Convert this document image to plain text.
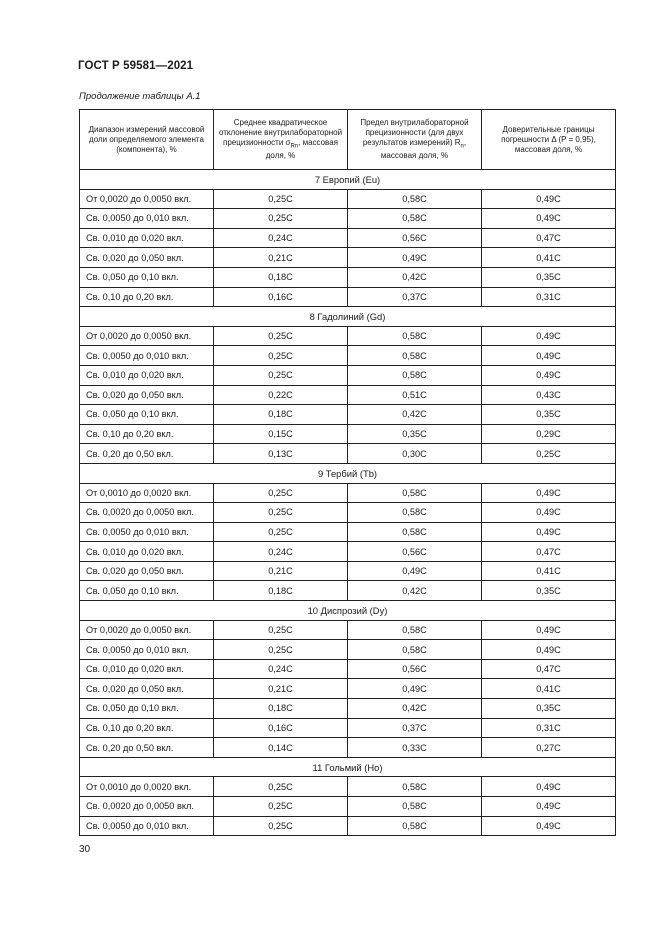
ГОСТ Р 59581—2021
Продолжение таблицы А.1
Диапазон измерений массовой доли определяемого элемента (компонента), %	Среднее квадратическое отклонение внутрилабораторной прецизионности $\sigma_{Rn}$, массовая доля, %	Предел внутрилабораторной прецизионности (для двух результатов измерений) $R_n$, массовая доля, %	Доверительные границы погрешности Δ (P = 0,95), массовая доля, %
7 Европий (Eu)			
От 0,0020 до 0,0050 вкл.	0,25С	0,58С	0,49С
Св. 0,0050 до 0,010 вкл.	0,25С	0,58С	0,49С
Св. 0,010 до 0,020 вкл.	0,24С	0,56С	0,47С
Св. 0,020 до 0,050 вкл.	0,21С	0,49С	0,41С
Св. 0,050 до 0,10 вкл.	0,18С	0,42С	0,35С
Св. 0,10 до 0,20 вкл.	0,16С	0,37С	0,31С
8 Гадолиний (Gd)			
От 0,0020 до 0,0050 вкл.	0,25С	0,58С	0,49С
Св. 0,0050 до 0,010 вкл.	0,25С	0,58С	0,49С
Св. 0,010 до 0,020 вкл.	0,25С	0,58С	0,49С
Св. 0,020 до 0,050 вкл.	0,22С	0,51С	0,43С
Св. 0,050 до 0,10 вкл.	0,18С	0,42С	0,35С
Св. 0,10 до 0,20 вкл.	0,15С	0,35С	0,29С
Св. 0,20 до 0,50 вкл.	0,13С	0,30С	0,25С
9 Тербий (Tb)			
От 0,0010 до 0,0020 вкл.	0,25С	0,58С	0,49С
Св. 0,0020 до 0,0050 вкл.	0,25С	0,58С	0,49С
Св. 0,0050 до 0,010 вкл.	0,25С	0,58С	0,49С
Св. 0,010 до 0,020 вкл.	0,24С	0,56С	0,47С
Св. 0,020 до 0,050 вкл.	0,21С	0,49С	0,41С
Св. 0,050 до 0,10 вкл.	0,18С	0,42С	0,35С
10 Диспрозий (Dy)			
От 0,0020 до 0,0050 вкл.	0,25С	0,58С	0,49С
Св. 0,0050 до 0,010 вкл.	0,25С	0,58С	0,49С
Св. 0,010 до 0,020 вкл.	0,24С	0,56С	0,47С
Св. 0,020 до 0,050 вкл.	0,21С	0,49С	0,41С
Св. 0,050 до 0,10 вкл.	0,18С	0,42С	0,35С
Св. 0,10 до 0,20 вкл.	0,16С	0,37С	0,31С
Св. 0,20 до 0,50 вкл.	0,14С	0,33С	0,27С
11 Гольмий (Ho)			
От 0,0010 до 0,0020 вкл.	0,25С	0,58С	0,49С
Св. 0,0020 до 0,0050 вкл.	0,25С	0,58С	0,49С
Св. 0,0050 до 0,010 вкл.	0,25С	0,58С	0,49С
30
